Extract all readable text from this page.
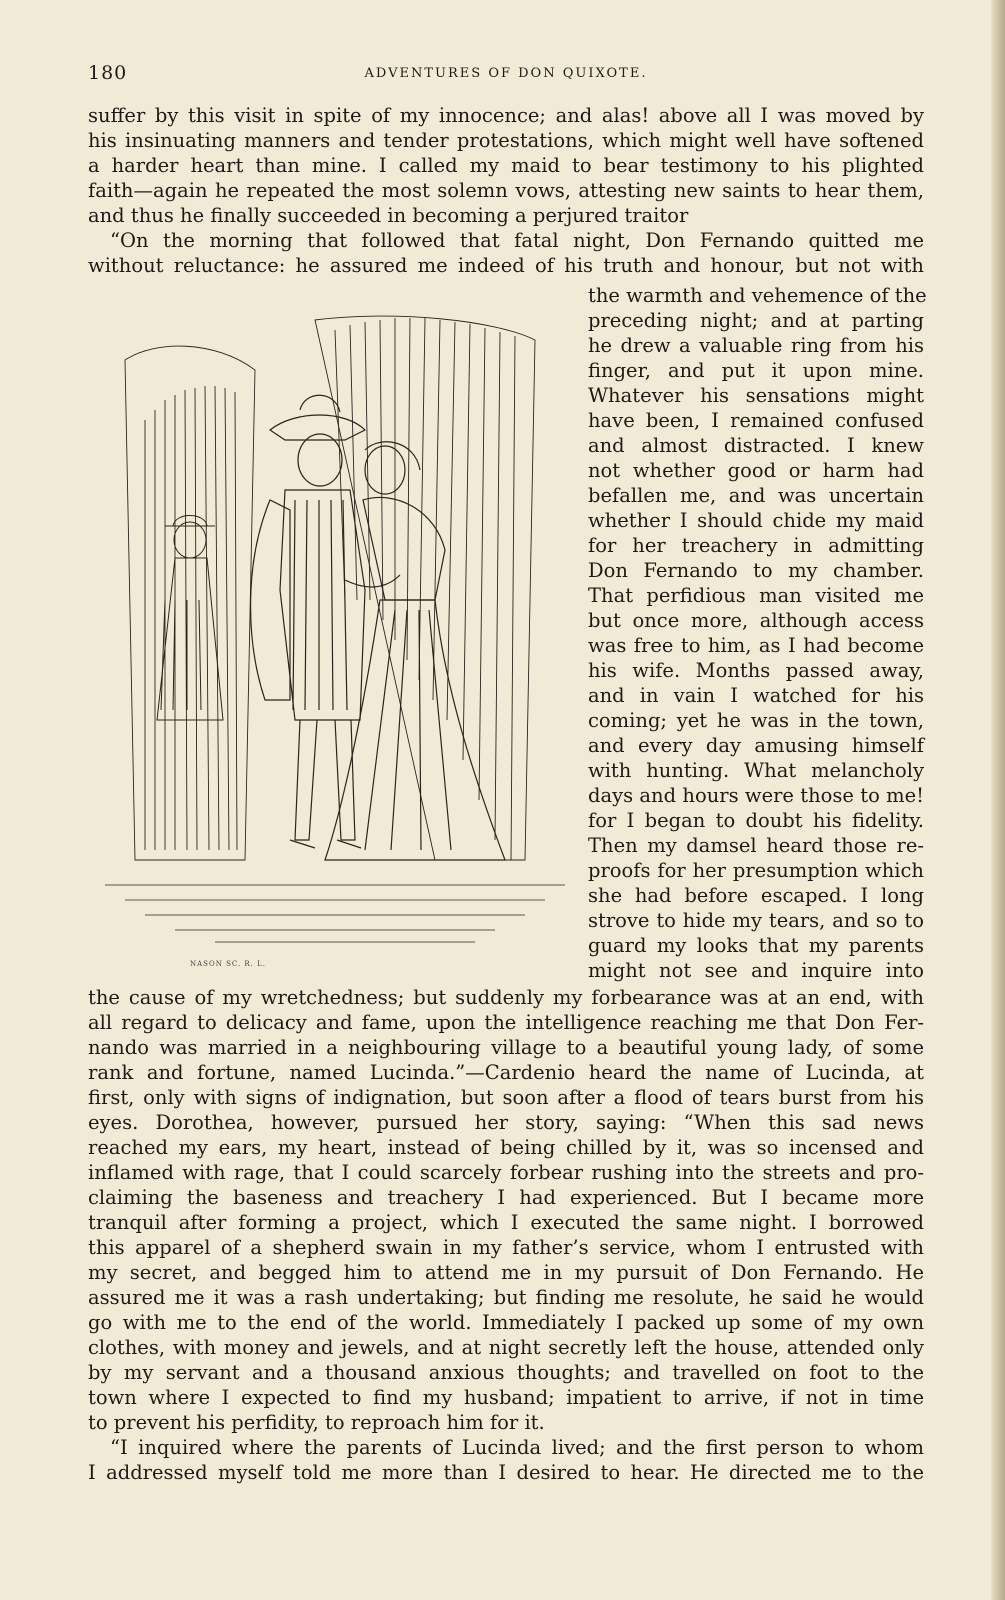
180	ADVENTURES OF DON QUIXOTE.
suffer by this visit in spite of my innocence; and alas! above all I was moved by
his insinuating manners and tender protestations, which might well have softened
a harder heart than mine. I called my maid to bear testimony to his plighted
faith—again he repeated the most solemn vows, attesting new saints to hear them,
and thus he finally succeeded in becoming a perjured traitor
“On the morning that followed that fatal night, Don Fernando quitted me
without reluctance: he assured me indeed of his truth and honour, but not with
NASON SC. R. L.
the warmth and vehemence of the
preceding night; and at parting
he drew a valuable ring from his
finger, and put it upon mine.
Whatever his sensations might
have been, I remained confused
and almost distracted. I knew
not whether good or harm had
befallen me, and was uncertain
whether I should chide my maid
for her treachery in admitting
Don Fernando to my chamber.
That perfidious man visited me
but once more, although access
was free to him, as I had become
his wife. Months passed away,
and in vain I watched for his
coming; yet he was in the town,
and every day amusing himself
with hunting. What melancholy
days and hours were those to me!
for I began to doubt his fidelity.
Then my damsel heard those re-
proofs for her presumption which
she had before escaped. I long
strove to hide my tears, and so to
guard my looks that my parents
might not see and inquire into
the cause of my wretchedness; but suddenly my forbearance was at an end, with
all regard to delicacy and fame, upon the intelligence reaching me that Don Fer-
nando was married in a neighbouring village to a beautiful young lady, of some
rank and fortune, named Lucinda.”—Cardenio heard the name of Lucinda, at
first, only with signs of indignation, but soon after a flood of tears burst from his
eyes. Dorothea, however, pursued her story, saying: “When this sad news
reached my ears, my heart, instead of being chilled by it, was so incensed and
inflamed with rage, that I could scarcely forbear rushing into the streets and pro-
claiming the baseness and treachery I had experienced. But I became more
tranquil after forming a project, which I executed the same night. I borrowed
this apparel of a shepherd swain in my father’s service, whom I entrusted with
my secret, and begged him to attend me in my pursuit of Don Fernando. He
assured me it was a rash undertaking; but finding me resolute, he said he would
go with me to the end of the world. Immediately I packed up some of my own
clothes, with money and jewels, and at night secretly left the house, attended only
by my servant and a thousand anxious thoughts; and travelled on foot to the
town where I expected to find my husband; impatient to arrive, if not in time
to prevent his perfidity, to reproach him for it.
“I inquired where the parents of Lucinda lived; and the first person to whom
I addressed myself told me more than I desired to hear. He directed me to the
